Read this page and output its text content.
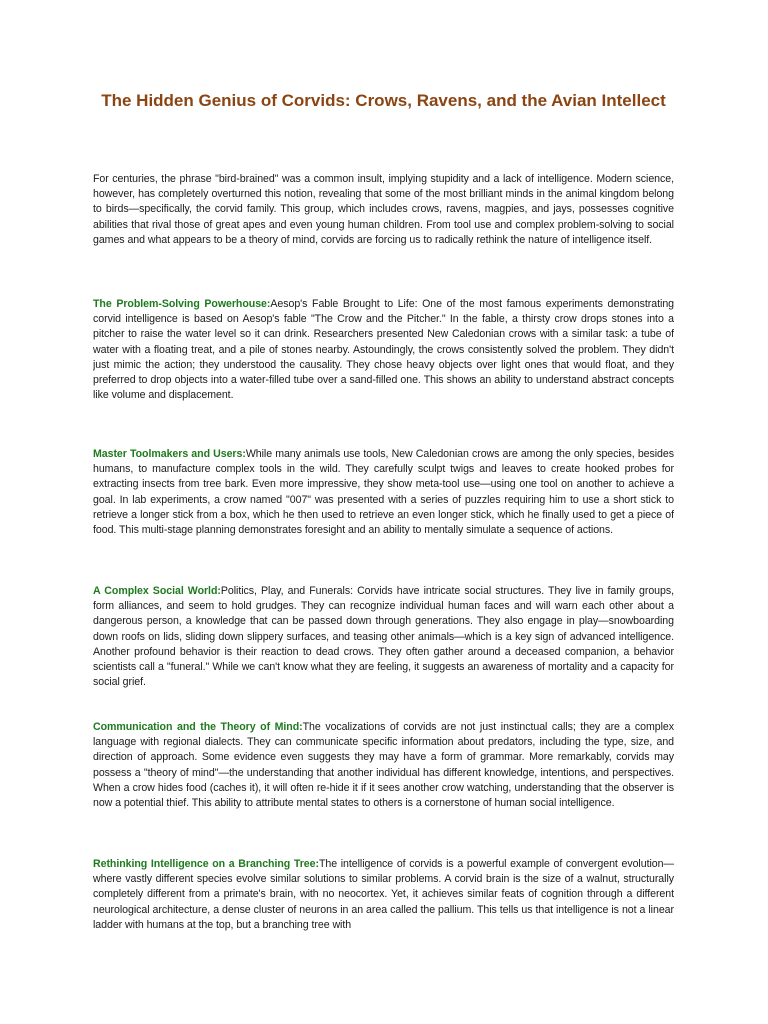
The Hidden Genius of Corvids: Crows, Ravens, and the Avian Intellect

For centuries, the phrase "bird-brained" was a common insult, implying stupidity and a lack of intelligence. Modern science, however, has completely overturned this notion, revealing that some of the most brilliant minds in the animal kingdom belong to birds—specifically, the corvid family. This group, which includes crows, ravens, magpies, and jays, possesses cognitive abilities that rival those of great apes and even young human children. From tool use and complex problem-solving to social games and what appears to be a theory of mind, corvids are forcing us to radically rethink the nature of intelligence itself.

The Problem-Solving Powerhouse:Aesop's Fable Brought to Life: One of the most famous experiments demonstrating corvid intelligence is based on Aesop's fable "The Crow and the Pitcher." In the fable, a thirsty crow drops stones into a pitcher to raise the water level so it can drink. Researchers presented New Caledonian crows with a similar task: a tube of water with a floating treat, and a pile of stones nearby. Astoundingly, the crows consistently solved the problem. They didn't just mimic the action; they understood the causality. They chose heavy objects over light ones that would float, and they preferred to drop objects into a water-filled tube over a sand-filled one. This shows an ability to understand abstract concepts like volume and displacement.

Master Toolmakers and Users:While many animals use tools, New Caledonian crows are among the only species, besides humans, to manufacture complex tools in the wild. They carefully sculpt twigs and leaves to create hooked probes for extracting insects from tree bark. Even more impressive, they show meta-tool use—using one tool on another to achieve a goal. In lab experiments, a crow named "007" was presented with a series of puzzles requiring him to use a short stick to retrieve a longer stick from a box, which he then used to retrieve an even longer stick, which he finally used to get a piece of food. This multi-stage planning demonstrates foresight and an ability to mentally simulate a sequence of actions.

A Complex Social World:Politics, Play, and Funerals: Corvids have intricate social structures. They live in family groups, form alliances, and seem to hold grudges. They can recognize individual human faces and will warn each other about a dangerous person, a knowledge that can be passed down through generations. They also engage in play—snowboarding down roofs on lids, sliding down slippery surfaces, and teasing other animals—which is a key sign of advanced intelligence. Another profound behavior is their reaction to dead crows. They often gather around a deceased companion, a behavior scientists call a "funeral." While we can't know what they are feeling, it suggests an awareness of mortality and a capacity for social grief.

Communication and the Theory of Mind:The vocalizations of corvids are not just instinctual calls; they are a complex language with regional dialects. They can communicate specific information about predators, including the type, size, and direction of approach. Some evidence even suggests they may have a form of grammar. More remarkably, corvids may possess a "theory of mind"—the understanding that another individual has different knowledge, intentions, and perspectives. When a crow hides food (caches it), it will often re-hide it if it sees another crow watching, understanding that the observer is now a potential thief. This ability to attribute mental states to others is a cornerstone of human social intelligence.

Rethinking Intelligence on a Branching Tree:The intelligence of corvids is a powerful example of convergent evolution—where vastly different species evolve similar solutions to similar problems. A corvid brain is the size of a walnut, structurally completely different from a primate's brain, with no neocortex. Yet, it achieves similar feats of cognition through a different neurological architecture, a dense cluster of neurons in an area called the pallium. This tells us that intelligence is not a linear ladder with humans at the top, but a branching tree with
